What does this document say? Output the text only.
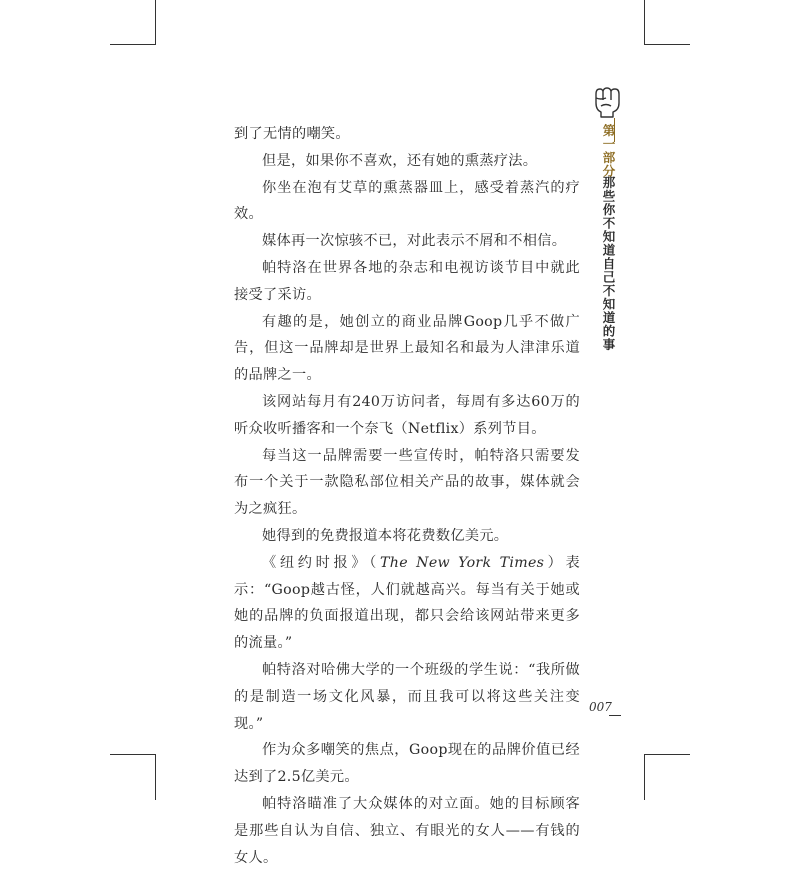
到了无情的嘲笑。

但是，如果你不喜欢，还有她的熏蒸疗法。

你坐在泡有艾草的熏蒸器皿上，感受着蒸汽的疗效。

媒体再一次惊骇不已，对此表示不屑和不相信。

帕特洛在世界各地的杂志和电视访谈节目中就此接受了采访。

有趣的是，她创立的商业品牌Goop几乎不做广告，但这一品牌却是世界上最知名和最为人津津乐道的品牌之一。

该网站每月有240万访问者，每周有多达60万的听众收听播客和一个奈飞（Netflix）系列节目。

每当这一品牌需要一些宣传时，帕特洛只需要发布一个关于一款隐私部位相关产品的故事，媒体就会为之疯狂。

她得到的免费报道本将花费数亿美元。

《纽约时报》（The New York Times）表示：“Goop越古怪，人们就越高兴。每当有关于她或她的品牌的负面报道出现，都只会给该网站带来更多的流量。”

帕特洛对哈佛大学的一个班级的学生说：“我所做的是制造一场文化风暴，而且我可以将这些关注变现。”

作为众多嘲笑的焦点，Goop现在的品牌价值已经达到了2.5亿美元。

帕特洛瞄准了大众媒体的对立面。她的目标顾客是那些自认为自信、独立、有眼光的女人——有钱的女人。

第一部分
那些你不知道自己不知道的事
007
